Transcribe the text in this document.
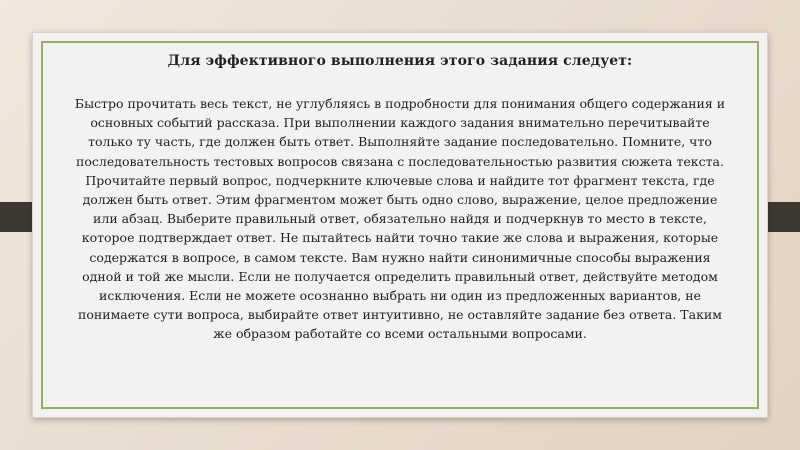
Для эффективного выполнения этого задания следует:

Быстро прочитать весь текст, не углубляясь в подробности для понимания общего содержания и основных событий рассказа. При выполнении каждого задания внимательно перечитывайте только ту часть, где должен быть ответ. Выполняйте задание последовательно. Помните, что последовательность тестовых вопросов связана с последовательностью развития сюжета текста. Прочитайте первый вопрос, подчеркните ключевые слова и найдите тот фрагмент текста, где должен быть ответ. Этим фрагментом может быть одно слово, выражение, целое предложение или абзац. Выберите правильный ответ, обязательно найдя и подчеркнув то место в тексте, которое подтверждает ответ. Не пытайтесь найти точно такие же слова и выражения, которые содержатся в вопросе, в самом тексте. Вам нужно найти синонимичные способы выражения одной и той же мысли. Если не получается определить правильный ответ, действуйте методом исключения. Если не можете осознанно выбрать ни один из предложенных вариантов, не понимаете сути вопроса, выбирайте ответ интуитивно, не оставляйте задание без ответа. Таким же образом работайте со всеми остальными вопросами.
